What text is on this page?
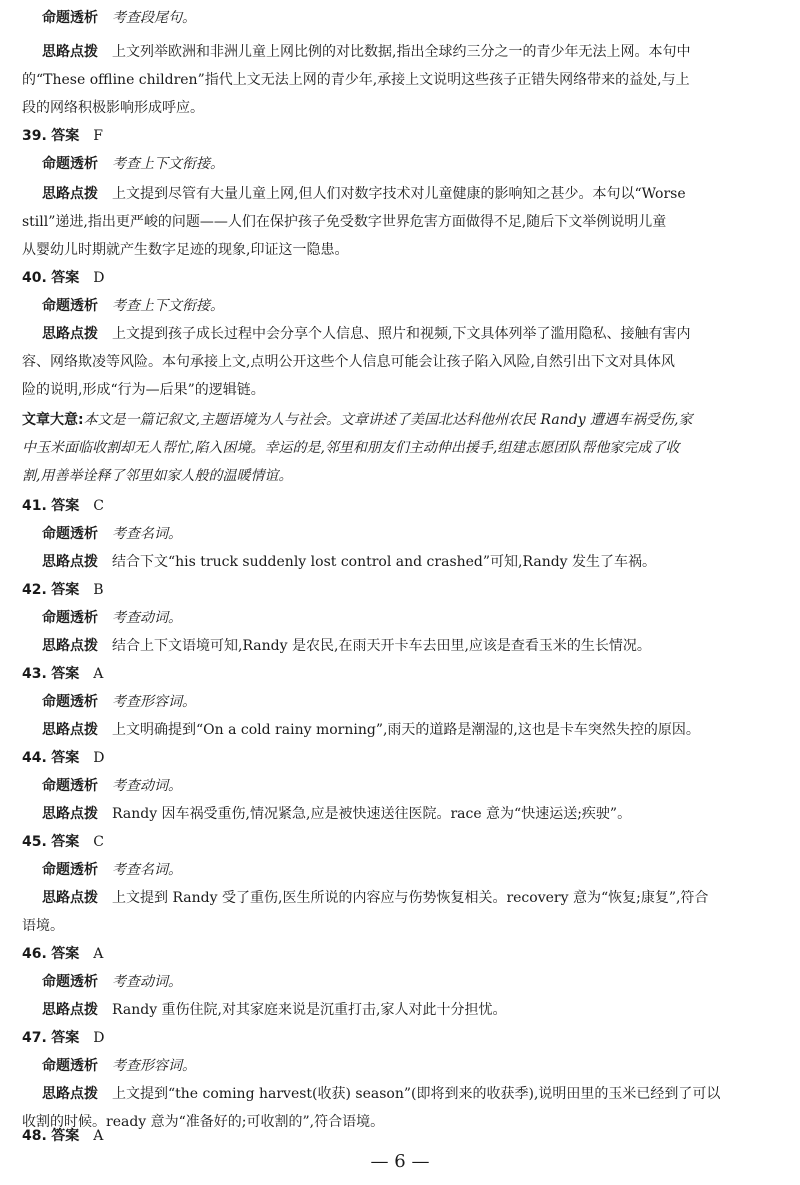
命题透析 考查段尾句。
思路点拨 上文列举欧洲和非洲儿童上网比例的对比数据,指出全球约三分之一的青少年无法上网。本句中
的“These offline children”指代上文无法上网的青少年,承接上文说明这些孩子正错失网络带来的益处,与上
段的网络积极影响形成呼应。
39. 答案 F
命题透析 考查上下文衔接。
思路点拨 上文提到尽管有大量儿童上网,但人们对数字技术对儿童健康的影响知之甚少。本句以“Worse
still”递进,指出更严峻的问题——人们在保护孩子免受数字世界危害方面做得不足,随后下文举例说明儿童
从婴幼儿时期就产生数字足迹的现象,印证这一隐患。
40. 答案 D
命题透析 考查上下文衔接。
思路点拨 上文提到孩子成长过程中会分享个人信息、照片和视频,下文具体列举了滥用隐私、接触有害内
容、网络欺凌等风险。本句承接上文,点明公开这些个人信息可能会让孩子陷入风险,自然引出下文对具体风
险的说明,形成“行为—后果”的逻辑链。
文章大意:本文是一篇记叙文,主题语境为人与社会。文章讲述了美国北达科他州农民 Randy 遭遇车祸受伤,家
中玉米面临收割却无人帮忙,陷入困境。幸运的是,邻里和朋友们主动伸出援手,组建志愿团队帮他家完成了收
割,用善举诠释了邻里如家人般的温暖情谊。
41. 答案 C
命题透析 考查名词。
思路点拨 结合下文“his truck suddenly lost control and crashed”可知,Randy 发生了车祸。
42. 答案 B
命题透析 考查动词。
思路点拨 结合上下文语境可知,Randy 是农民,在雨天开卡车去田里,应该是查看玉米的生长情况。
43. 答案 A
命题透析 考查形容词。
思路点拨 上文明确提到“On a cold rainy morning”,雨天的道路是潮湿的,这也是卡车突然失控的原因。
44. 答案 D
命题透析 考查动词。
思路点拨 Randy 因车祸受重伤,情况紧急,应是被快速送往医院。race 意为“快速运送;疾驶”。
45. 答案 C
命题透析 考查名词。
思路点拨 上文提到 Randy 受了重伤,医生所说的内容应与伤势恢复相关。recovery 意为“恢复;康复”,符合
语境。
46. 答案 A
命题透析 考查动词。
思路点拨 Randy 重伤住院,对其家庭来说是沉重打击,家人对此十分担忧。
47. 答案 D
命题透析 考查形容词。
思路点拨 上文提到“the coming harvest(收获) season”(即将到来的收获季),说明田里的玉米已经到了可以
收割的时候。ready 意为“准备好的;可收割的”,符合语境。
48. 答案 A
— 6 —
